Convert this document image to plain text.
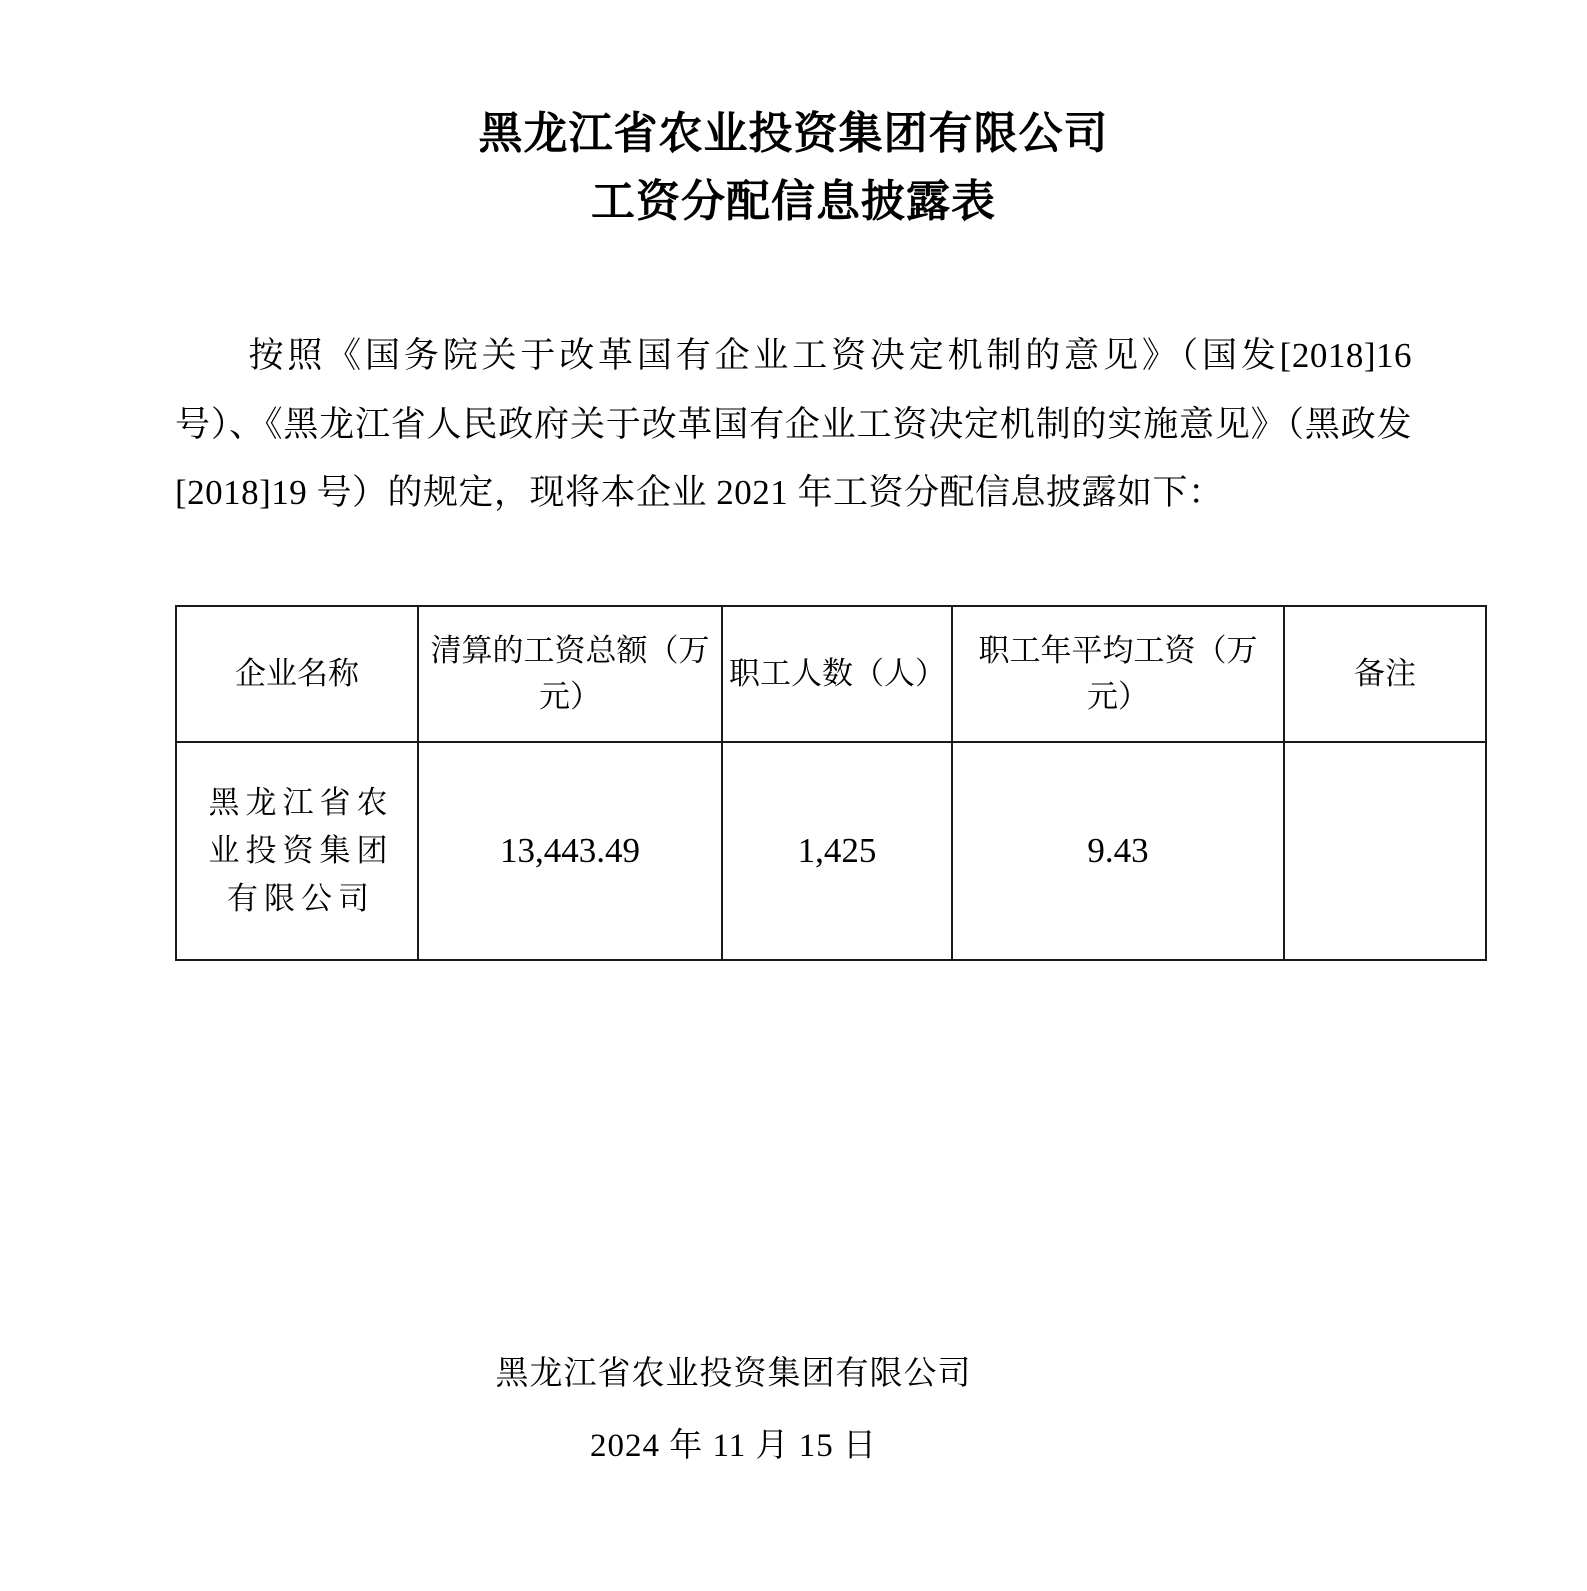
黑龙江省农业投资集团有限公司
工资分配信息披露表

按照《国务院关于改革国有企业工资决定机制的意见》（国发[2018]16 号）、《黑龙江省人民政府关于改革国有企业工资决定机制的实施意见》（黑政发[2018]19 号）的规定，现将本企业 2021 年工资分配信息披露如下：

企业名称	清算的工资总额（万元）	职工人数（人）	职工年平均工资（万元）	备注
黑龙江省农业投资集团有限公司	13,443.49	1,425	9.43	
黑龙江省农业投资集团有限公司
2024 年 11 月 15 日
